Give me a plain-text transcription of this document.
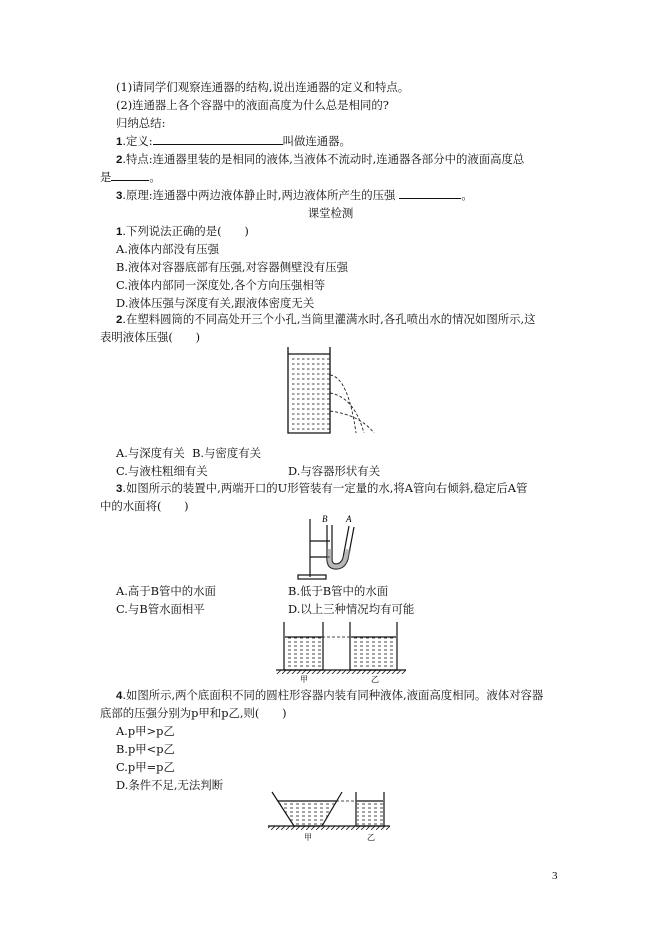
(1)请同学们观察连通器的结构,说出连通器的定义和特点。
(2)连通器上各个容器中的液面高度为什么总是相同的?
归纳总结:
1.定义:	叫做连通器。
2.特点:连通器里装的是相同的液体,当液体不流动时,连通器各部分中的液面高度总
是	。
3.原理:连通器中两边液体静止时,两边液体所产生的压强	。
课堂检测
1.下列说法正确的是(　　)
A.液体内部没有压强
B.液体对容器底部有压强,对容器侧壁没有压强
C.液体内部同一深度处,各个方向压强相等
D.液体压强与深度有关,跟液体密度无关
2.在塑料圆筒的不同高处开三个小孔,当筒里灌满水时,各孔喷出水的情况如图所示,这
表明液体压强(　　)
A.与深度有关 B.与密度有关
C.与液柱粗细有关	D.与容器形状有关
3.如图所示的装置中,两端开口的U形管装有一定量的水,将A管向右倾斜,稳定后A管
中的水面将(　　)
B A
A.高于B管中的水面	B.低于B管中的水面
C.与B管水面相平	D.以上三种情况均有可能
甲	乙
4.如图所示,两个底面积不同的圆柱形容器内装有同种液体,液面高度相同。液体对容器
底部的压强分别为p甲和p乙,则(　　)
A.p甲>p乙
B.p甲<p乙
C.p甲=p乙
D.条件不足,无法判断
甲	乙
3
